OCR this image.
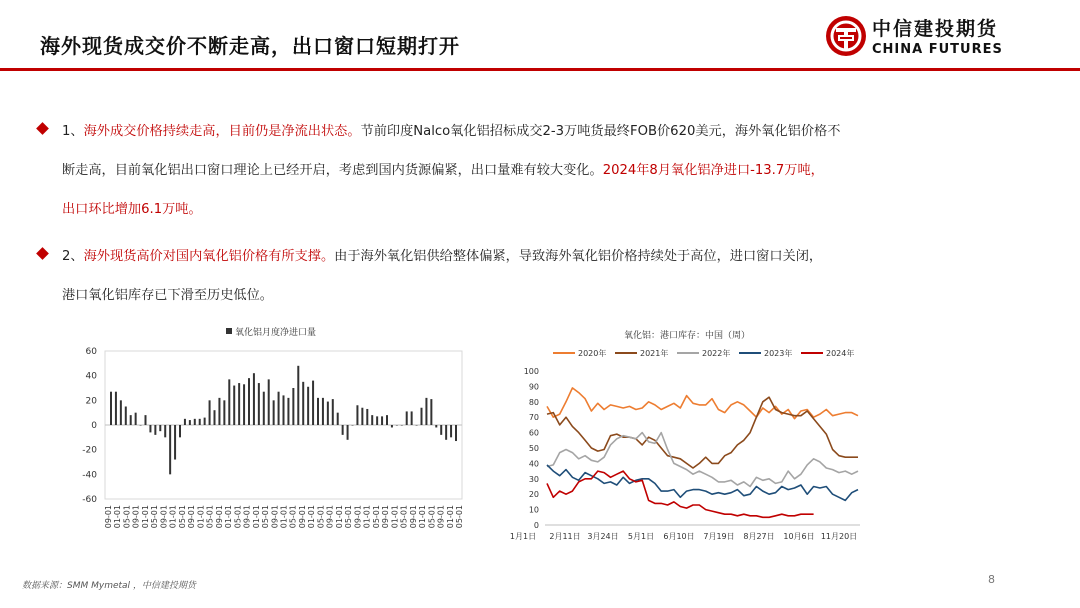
海外现货成交价不断走高，出口窗口短期打开
中信建投期货
CHINA FUTURES
1、海外成交价格持续走高，目前仍是净流出状态。节前印度Nalco氧化铝招标成交2-3万吨货最终FOB价620美元，海外氧化铝价格不
断走高，目前氧化铝出口窗口理论上已经开启，考虑到国内货源偏紧，出口量难有较大变化。2024年8月氧化铝净进口-13.7万吨，
出口环比增加6.1万吨。
2、海外现货高价对国内氧化铝价格有所支撑。由于海外氧化铝供给整体偏紧，导致海外氧化铝价格持续处于高位，进口窗口关闭，
港口氧化铝库存已下滑至历史低位。
氧化铝月度净进口量
60
40
20
0
-20
-40
-60
09-01 01-01 05-01 09-01 01-01 05-01 09-01 01-01 05-01 09-01 01-01 05-01 09-01 01-01 05-01 09-01 01-01 05-01 09-01 01-01 05-01 09-01 01-01 05-01 09-01 01-01 05-01 09-01 01-01 05-01 09-01 01-01 05-01 09-01 01-01 05-01 09-01 01-01 05-01
氧化铝：港口库存：中国（周）
2020年	2021年	2022年	2023年	2024年
100
90
80
70
60
50
40
30
20
10
0
1月1日 2月11日 3月24日 5月1日 6月10日 7月19日 8月27日 10月6日 11月20日
数据来源：SMM Mymetal ，中信建投期货	8
